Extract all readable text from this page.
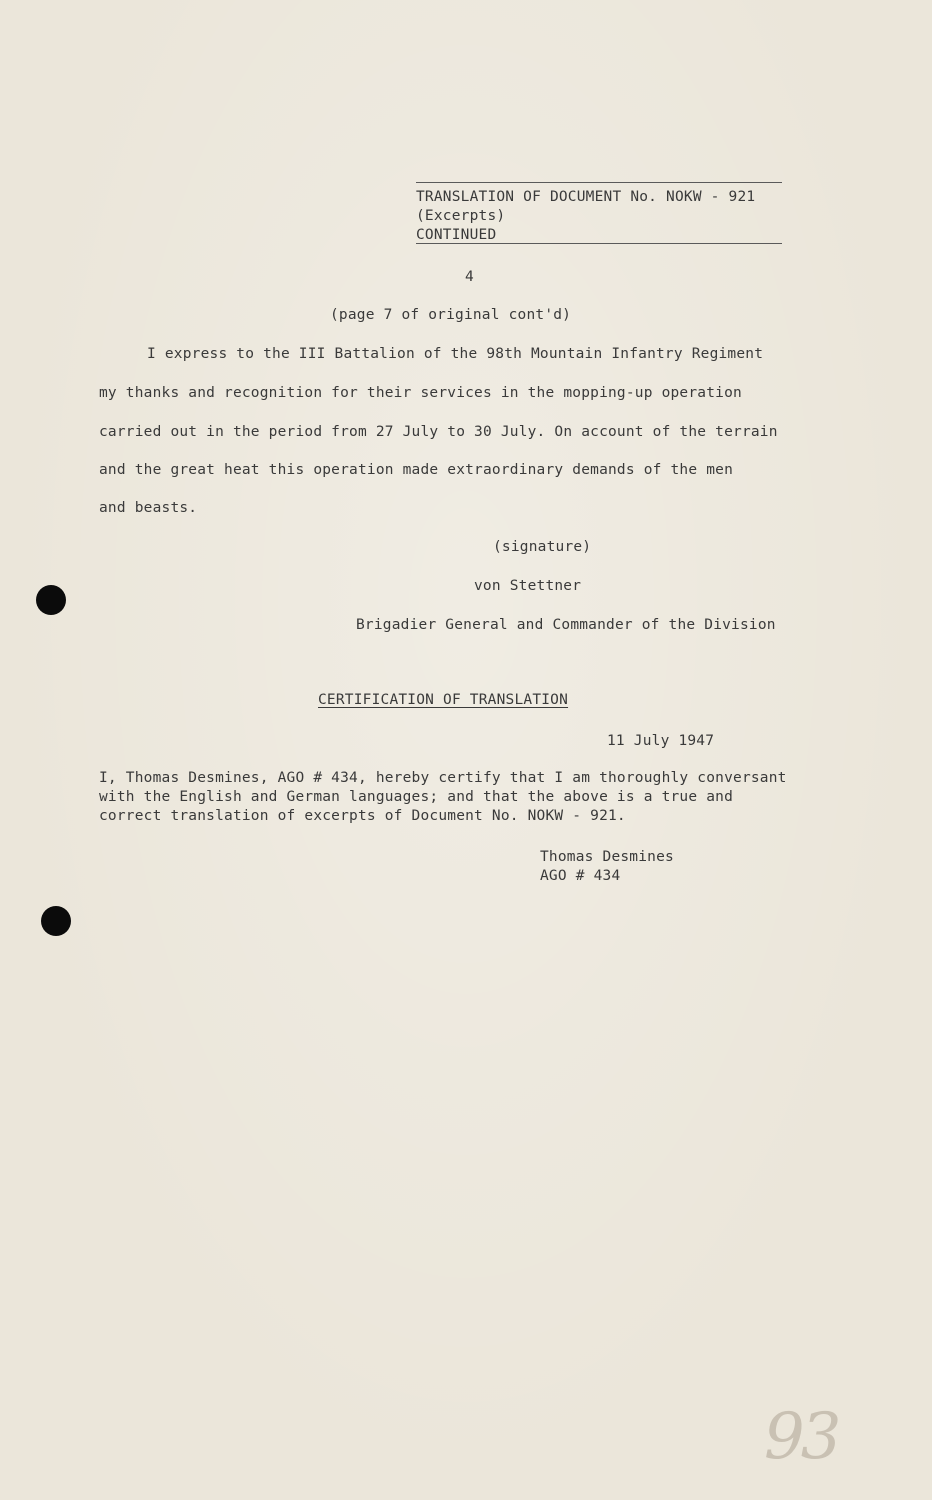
TRANSLATION OF DOCUMENT No. NOKW - 921
(Excerpts)
CONTINUED
4
(page 7 of original cont'd)
I express to the III Battalion of the 98th Mountain Infantry Regiment
my thanks and recognition for their services in the mopping-up operation
carried out in the period from 27 July to 30 July. On account of the terrain
and the great heat this operation made extraordinary demands of the men
and beasts.
(signature)
von Stettner
Brigadier General and Commander of the Division
CERTIFICATION OF TRANSLATION
11 July 1947
I, Thomas Desmines, AGO # 434, hereby certify that I am thoroughly conversant
with the English and German languages; and that the above is a true and
correct translation of excerpts of Document No. NOKW - 921.
Thomas Desmines
AGO # 434
93
